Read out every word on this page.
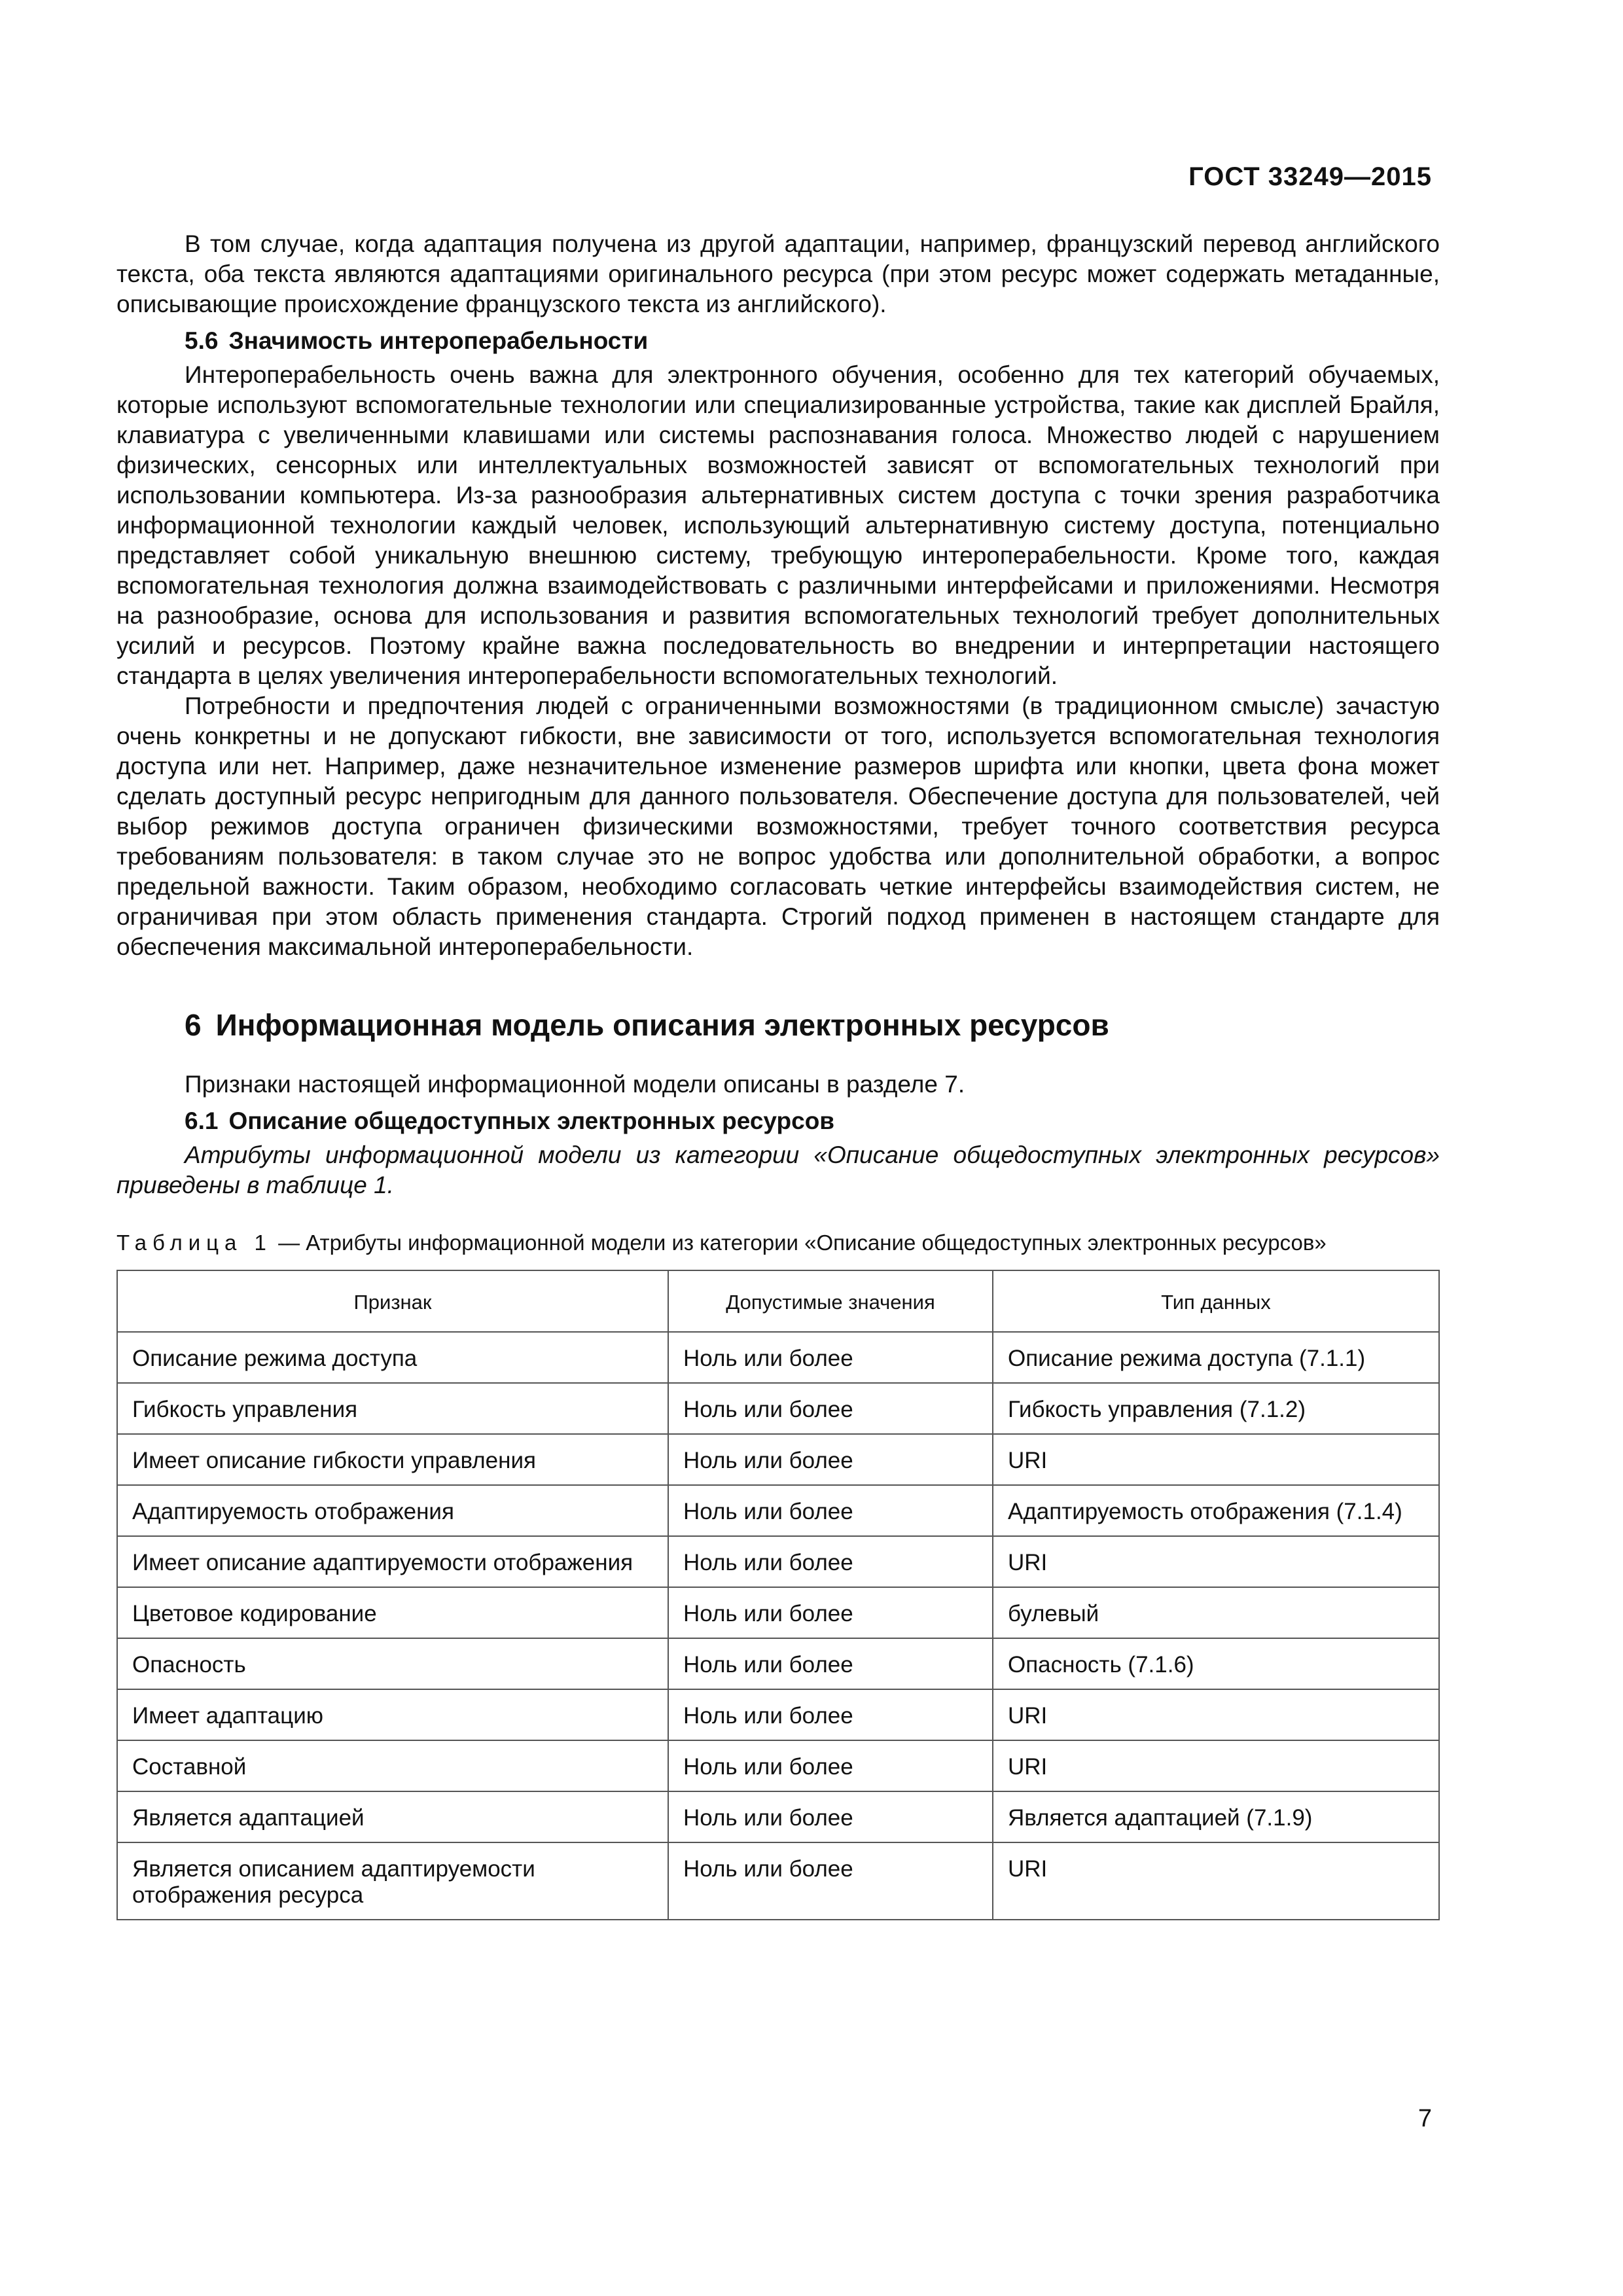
ГОСТ 33249—2015

В том случае, когда адаптация получена из другой адаптации, например, французский перевод английского текста, оба текста являются адаптациями оригинального ресурса (при этом ресурс может содержать метаданные, описывающие происхождение французского текста из английского).

5.6 Значимость интероперабельности

Интероперабельность очень важна для электронного обучения, особенно для тех категорий обучаемых, которые используют вспомогательные технологии или специализированные устройства, такие как дисплей Брайля, клавиатура с увеличенными клавишами или системы распознавания голоса. Множество людей с нарушением физических, сенсорных или интеллектуальных возможностей зависят от вспомогательных технологий при использовании компьютера. Из-за разнообразия альтернативных систем доступа с точки зрения разработчика информационной технологии каждый человек, использующий альтернативную систему доступа, потенциально представляет собой уникальную внешнюю систему, требующую интероперабельности. Кроме того, каждая вспомогательная технология должна взаимодействовать с различными интерфейсами и приложениями. Несмотря на разнообразие, основа для использования и развития вспомогательных технологий требует дополнительных усилий и ресурсов. Поэтому крайне важна последовательность во внедрении и интерпретации настоящего стандарта в целях увеличения интероперабельности вспомогательных технологий.

Потребности и предпочтения людей с ограниченными возможностями (в традиционном смысле) зачастую очень конкретны и не допускают гибкости, вне зависимости от того, используется вспомогательная технология доступа или нет. Например, даже незначительное изменение размеров шрифта или кнопки, цвета фона может сделать доступный ресурс непригодным для данного пользователя. Обеспечение доступа для пользователей, чей выбор режимов доступа ограничен физическими возможностями, требует точного соответствия ресурса требованиям пользователя: в таком случае это не вопрос удобства или дополнительной обработки, а вопрос предельной важности. Таким образом, необходимо согласовать четкие интерфейсы взаимодействия систем, не ограничивая при этом область применения стандарта. Строгий подход применен в настоящем стандарте для обеспечения максимальной интероперабельности.

6 Информационная модель описания электронных ресурсов

Признаки настоящей информационной модели описаны в разделе 7.

6.1 Описание общедоступных электронных ресурсов

Атрибуты информационной модели из категории «Описание общедоступных электронных ресурсов» приведены в таблице 1.

Таблица 1 — Атрибуты информационной модели из категории «Описание общедоступных электронных ресурсов»
Признак	Допустимые значения	Тип данных
Описание режима доступа	Ноль или более	Описание режима доступа (7.1.1)
Гибкость управления	Ноль или более	Гибкость управления (7.1.2)
Имеет описание гибкости управления	Ноль или более	URI
Адаптируемость отображения	Ноль или более	Адаптируемость отображения (7.1.4)
Имеет описание адаптируемости отображения	Ноль или более	URI
Цветовое кодирование	Ноль или более	булевый
Опасность	Ноль или более	Опасность (7.1.6)
Имеет адаптацию	Ноль или более	URI
Составной	Ноль или более	URI
Является адаптацией	Ноль или более	Является адаптацией (7.1.9)
Является описанием адаптируемости отображения ресурса	Ноль или более	URI
7
